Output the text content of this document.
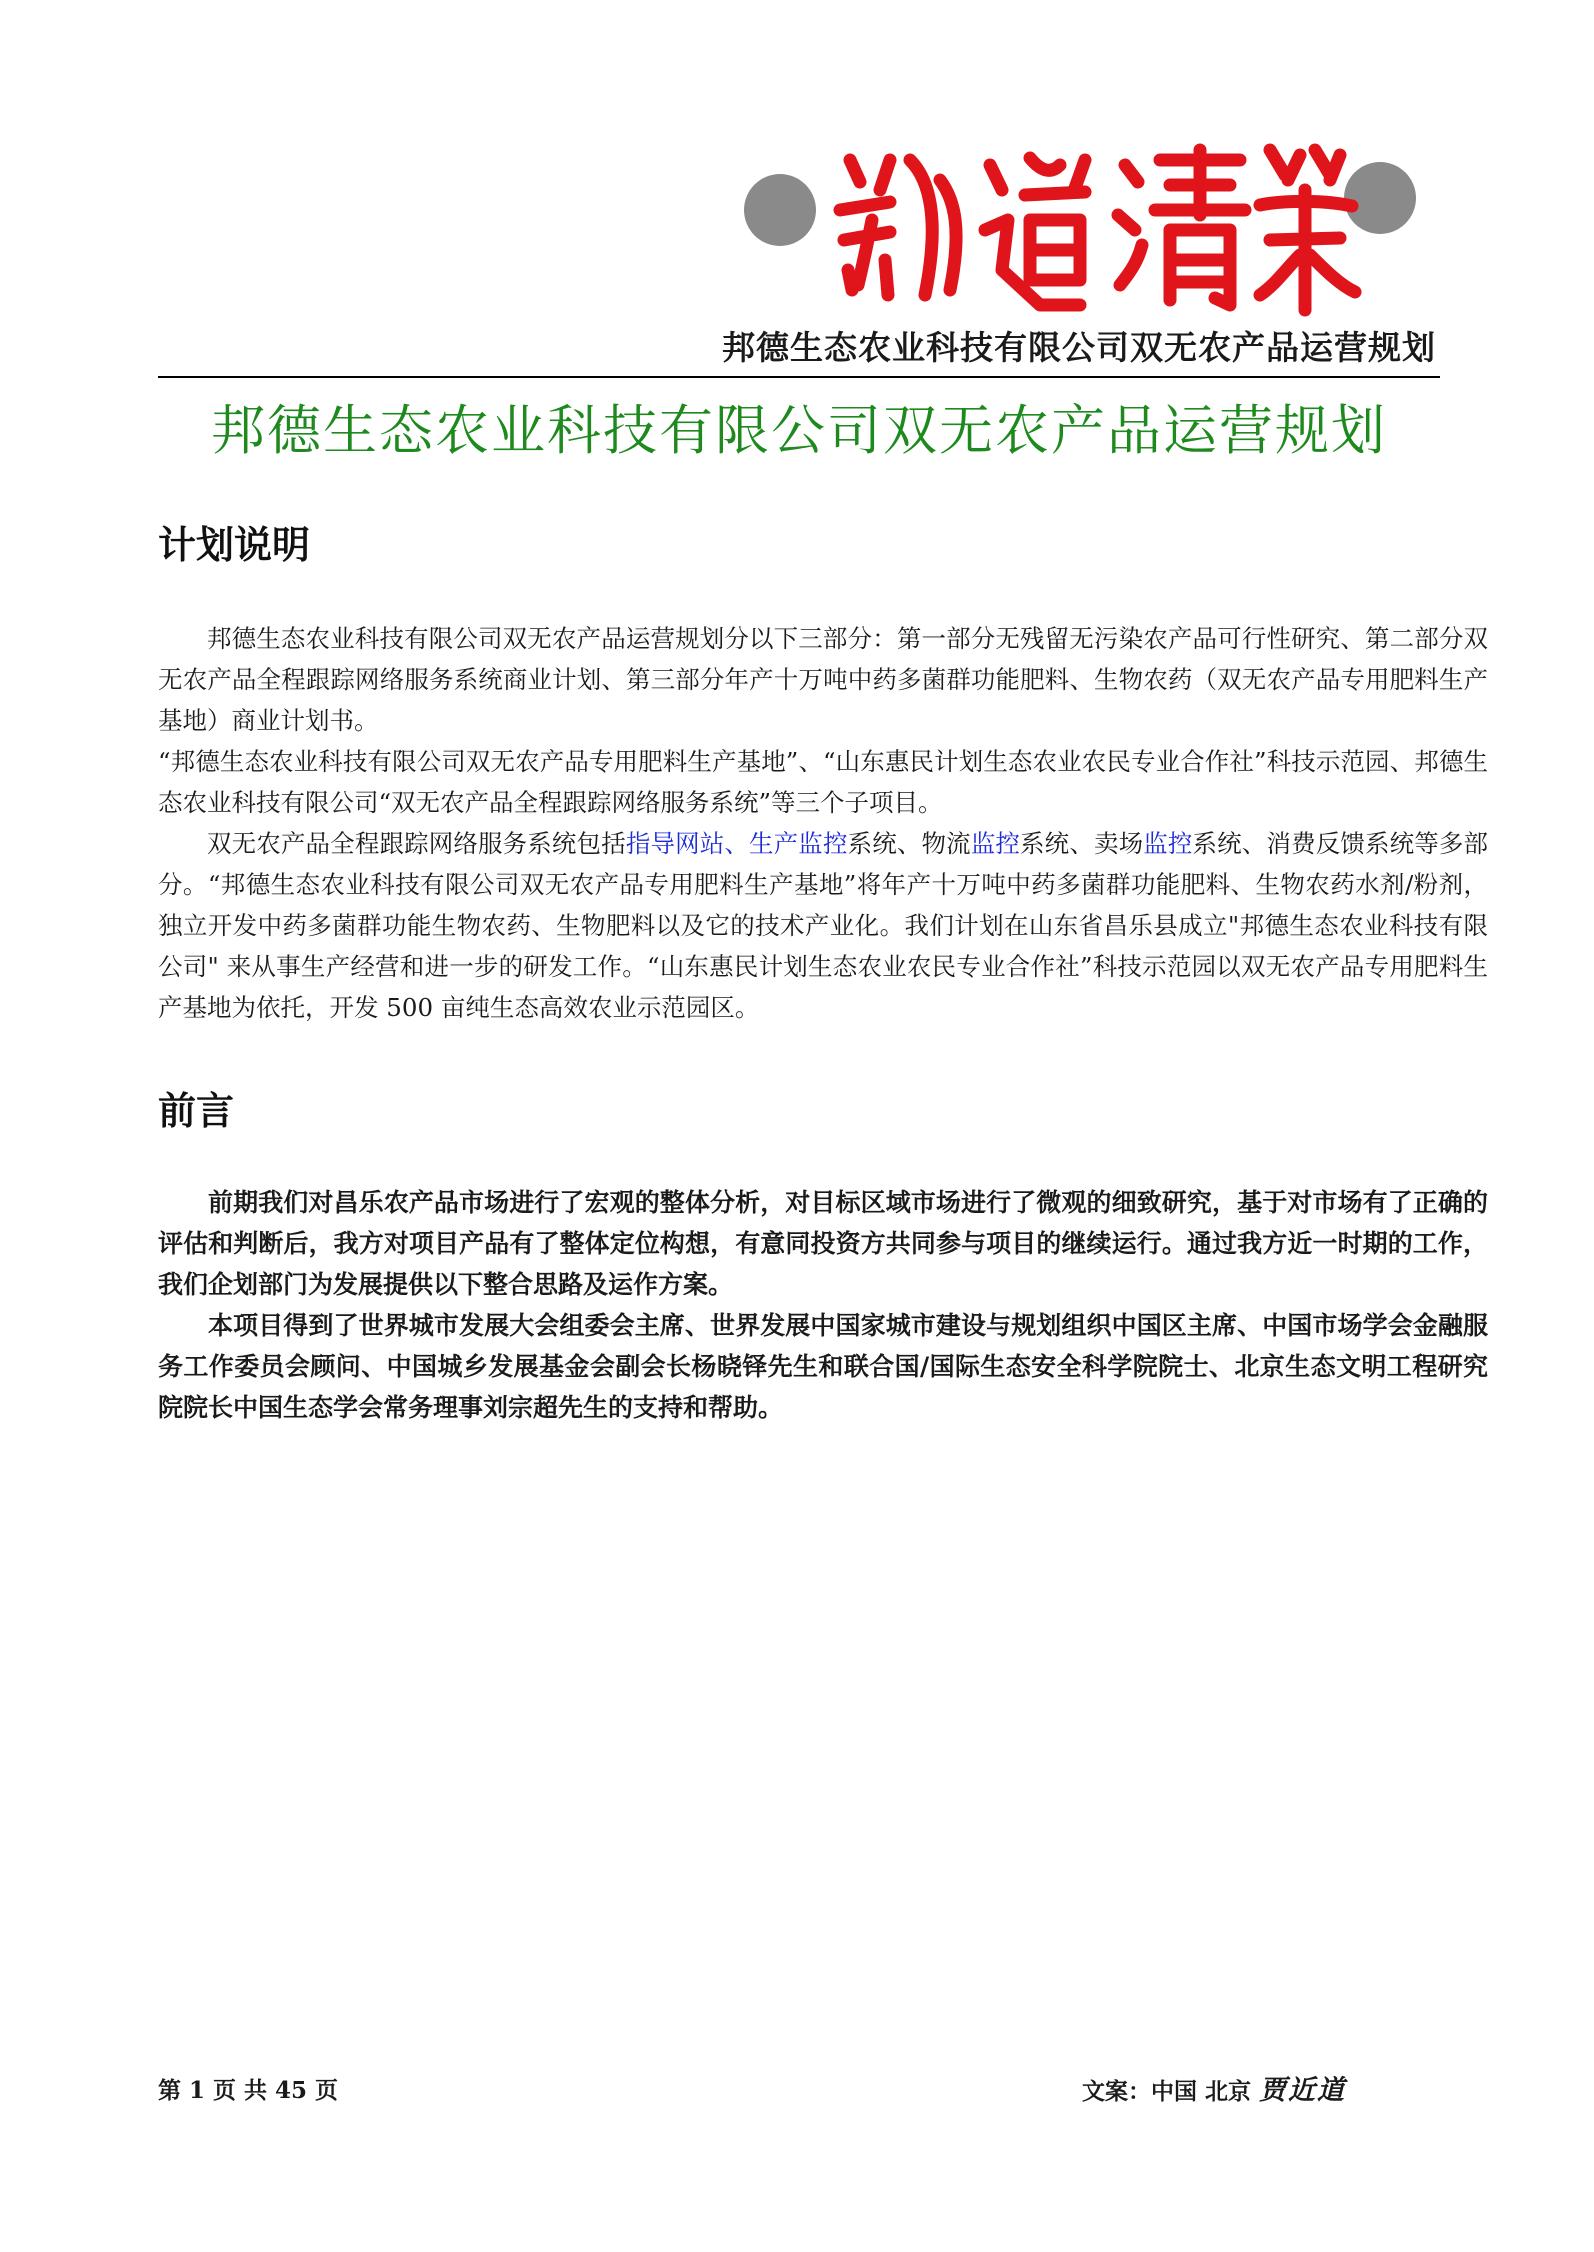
邦德生态农业科技有限公司双无农产品运营规划
邦德生态农业科技有限公司双无农产品运营规划
计划说明

邦德生态农业科技有限公司双无农产品运营规划分以下三部分：第一部分无残留无污染农产品可行性研究、第二部分双无农产品全程跟踪网络服务系统商业计划、第三部分年产十万吨中药多菌群功能肥料、生物农药（双无农产品专用肥料生产基地）商业计划书。

“邦德生态农业科技有限公司双无农产品专用肥料生产基地”、“山东惠民计划生态农业农民专业合作社”科技示范园、邦德生态农业科技有限公司“双无农产品全程跟踪网络服务系统”等三个子项目。

双无农产品全程跟踪网络服务系统包括指导网站、生产监控系统、物流监控系统、卖场监控系统、消费反馈系统等多部分。“邦德生态农业科技有限公司双无农产品专用肥料生产基地”将年产十万吨中药多菌群功能肥料、生物农药水剂/粉剂，独立开发中药多菌群功能生物农药、生物肥料以及它的技术产业化。我们计划在山东省昌乐县成立"邦德生态农业科技有限公司" 来从事生产经营和进一步的研发工作。“山东惠民计划生态农业农民专业合作社”科技示范园以双无农产品专用肥料生产基地为依托，开发 500 亩纯生态高效农业示范园区。

前言

前期我们对昌乐农产品市场进行了宏观的整体分析，对目标区域市场进行了微观的细致研究，基于对市场有了正确的评估和判断后，我方对项目产品有了整体定位构想，有意同投资方共同参与项目的继续运行。通过我方近一时期的工作，我们企划部门为发展提供以下整合思路及运作方案。

本项目得到了世界城市发展大会组委会主席、世界发展中国家城市建设与规划组织中国区主席、中国市场学会金融服务工作委员会顾问、中国城乡发展基金会副会长杨晓铎先生和联合国/国际生态安全科学院院士、北京生态文明工程研究院院长中国生态学会常务理事刘宗超先生的支持和帮助。

第 1 页 共 45 页	文案：中国 北京 贾近道
